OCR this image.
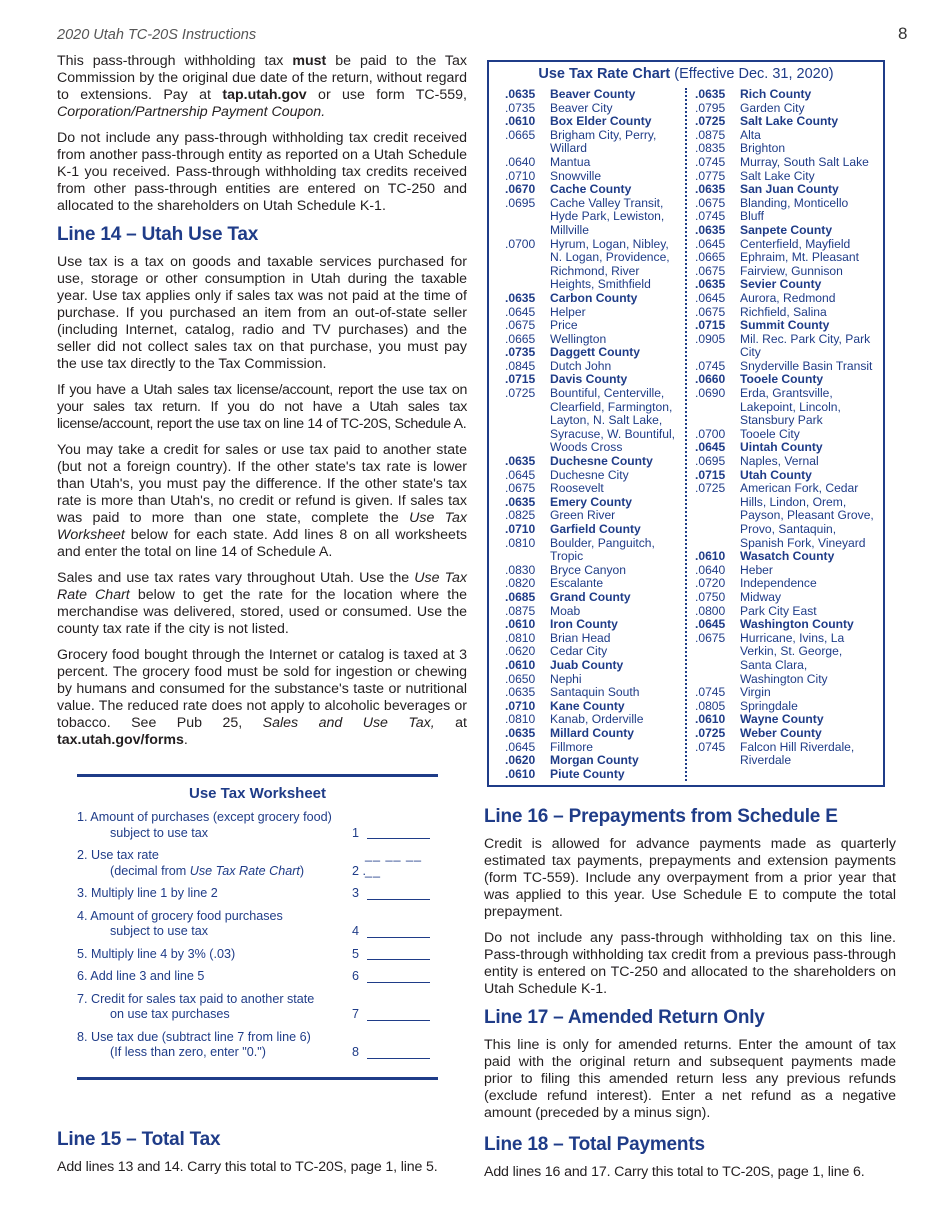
2020 Utah TC-20S Instructions	8

This pass-through withholding tax must be paid to the Tax Commission by the original due date of the return, without regard to extensions. Pay at tap.utah.gov or use form TC-559, Corporation/Partnership Payment Coupon.

Do not include any pass-through withholding tax credit received from another pass-through entity as reported on a Utah Schedule K-1 you received. Pass-through withholding tax credits received from other pass-through entities are entered on TC-250 and allocated to the shareholders on Utah Schedule K-1.

Line 14 – Utah Use Tax

Use tax is a tax on goods and taxable services purchased for use, storage or other consumption in Utah during the taxable year. Use tax applies only if sales tax was not paid at the time of purchase. If you purchased an item from an out-of-state seller (including Internet, catalog, radio and TV purchases) and the seller did not collect sales tax on that purchase, you must pay the use tax directly to the Tax Commission.

If you have a Utah sales tax license/account, report the use tax on your sales tax return. If you do not have a Utah sales tax license/account, report the use tax on line 14 of TC-20S, Schedule A.

You may take a credit for sales or use tax paid to another state (but not a foreign country). If the other state's tax rate is lower than Utah's, you must pay the difference. If the other state's tax rate is more than Utah's, no credit or refund is given. If sales tax was paid to more than one state, complete the Use Tax Worksheet below for each state. Add lines 8 on all worksheets and enter the total on line 14 of Schedule A.

Sales and use tax rates vary throughout Utah. Use the Use Tax Rate Chart below to get the rate for the location where the merchandise was delivered, stored, used or consumed. Use the county tax rate if the city is not listed.

Grocery food bought through the Internet or catalog is taxed at 3 percent. The grocery food must be sold for ingestion or chewing by humans and consumed for the substance's taste or nutritional value. The reduced rate does not apply to alcoholic beverages or tobacco. See Pub 25, Sales and Use Tax, at tax.utah.gov/forms.

Use Tax Worksheet
1. Amount of purchases (except grocery food)
subject to use tax	1
2. Use tax rate
(decimal from Use Tax Rate Chart)	2 .
__ __ __ __
3. Multiply line 1 by line 2	3
4. Amount of grocery food purchases
subject to use tax	4
5. Multiply line 4 by 3% (.03)	5
6. Add line 3 and line 5	6
7. Credit for sales tax paid to another state
on use tax purchases	7
8. Use tax due (subtract line 7 from line 6)
(If less than zero, enter "0.")	8
Line 15 – Total Tax

Add lines 13 and 14. Carry this total to TC-20S, page 1, line 5.

Use Tax Rate Chart (Effective Dec. 31, 2020)
.0635	Beaver County
.0735	Beaver City
.0610	Box Elder County
.0665	Brigham City, Perry,
Willard
.0640	Mantua
.0710	Snowville
.0670	Cache County
.0695	Cache Valley Transit,
Hyde Park, Lewiston,
Millville
.0700	Hyrum, Logan, Nibley,
N. Logan, Providence,
Richmond, River
Heights, Smithfield
.0635	Carbon County
.0645	Helper
.0675	Price
.0665	Wellington
.0735	Daggett County
.0845	Dutch John
.0715	Davis County
.0725	Bountiful, Centerville,
Clearfield, Farmington,
Layton, N. Salt Lake,
Syracuse, W. Bountiful,
Woods Cross
.0635	Duchesne County
.0645	Duchesne City
.0675	Roosevelt
.0635	Emery County
.0825	Green River
.0710	Garfield County
.0810	Boulder, Panguitch,
Tropic
.0830	Bryce Canyon
.0820	Escalante
.0685	Grand County
.0875	Moab
.0610	Iron County
.0810	Brian Head
.0620	Cedar City
.0610	Juab County
.0650	Nephi
.0635	Santaquin South
.0710	Kane County
.0810	Kanab, Orderville
.0635	Millard County
.0645	Fillmore
.0620	Morgan County
.0610	Piute County
.0635	Rich County
.0795	Garden City
.0725	Salt Lake County
.0875	Alta
.0835	Brighton
.0745	Murray, South Salt Lake
.0775	Salt Lake City
.0635	San Juan County
.0675	Blanding, Monticello
.0745	Bluff
.0635	Sanpete County
.0645	Centerfield, Mayfield
.0665	Ephraim, Mt. Pleasant
.0675	Fairview, Gunnison
.0635	Sevier County
.0645	Aurora, Redmond
.0675	Richfield, Salina
.0715	Summit County
.0905	Mil. Rec. Park City, Park
City
.0745	Snyderville Basin Transit
.0660	Tooele County
.0690	Erda, Grantsville,
Lakepoint, Lincoln,
Stansbury Park
.0700	Tooele City
.0645	Uintah County
.0695	Naples, Vernal
.0715	Utah County
.0725	American Fork, Cedar
Hills, Lindon, Orem,
Payson, Pleasant Grove,
Provo, Santaquin,
Spanish Fork, Vineyard
.0610	Wasatch County
.0640	Heber
.0720	Independence
.0750	Midway
.0800	Park City East
.0645	Washington County
.0675	Hurricane, Ivins, La
Verkin, St. George,
Santa Clara,
Washington City
.0745	Virgin
.0805	Springdale
.0610	Wayne County
.0725	Weber County
.0745	Falcon Hill Riverdale,
Riverdale
Line 16 – Prepayments from Schedule E

Credit is allowed for advance payments made as quarterly estimated tax payments, prepayments and extension payments (form TC-559). Include any overpayment from a prior year that was applied to this year. Use Schedule E to compute the total prepayment.

Do not include any pass-through withholding tax on this line. Pass-through withholding tax credit from a previous pass-through entity is entered on TC-250 and allocated to the shareholders on Utah Schedule K-1.

Line 17 – Amended Return Only

This line is only for amended returns. Enter the amount of tax paid with the original return and subsequent payments made prior to filing this amended return less any previous refunds (exclude refund interest). Enter a net refund as a negative amount (preceded by a minus sign).

Line 18 – Total Payments

Add lines 16 and 17. Carry this total to TC-20S, page 1, line 6.
